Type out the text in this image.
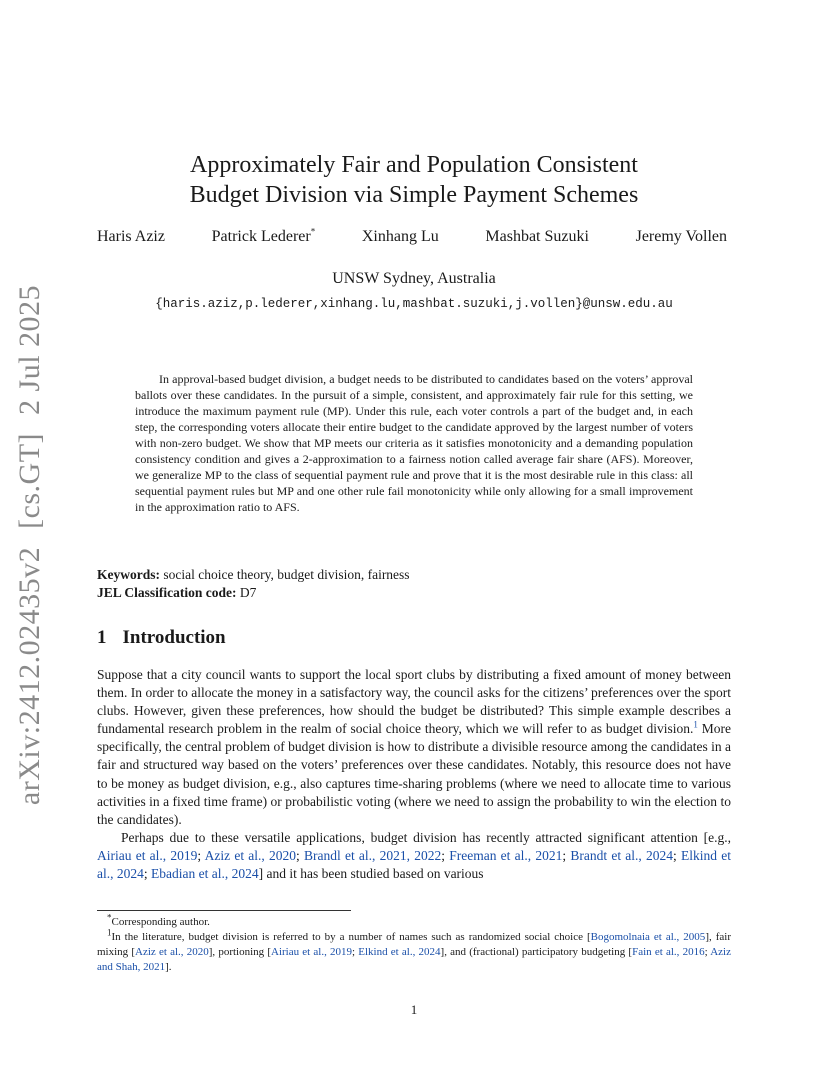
arXiv:2412.02435v2 [cs.GT] 2 Jul 2025
Approximately Fair and Population Consistent
Budget Division via Simple Payment Schemes
Haris Aziz	Patrick Lederer*	Xinhang Lu	Mashbat Suzuki	Jeremy Vollen
UNSW Sydney, Australia
{haris.aziz,p.lederer,xinhang.lu,mashbat.suzuki,j.vollen}@unsw.edu.au

In approval-based budget division, a budget needs to be distributed to candidates based on the voters’ approval ballots over these candidates. In the pursuit of a simple, consistent, and approximately fair rule for this setting, we introduce the maximum payment rule (MP). Under this rule, each voter controls a part of the budget and, in each step, the corresponding voters allocate their entire budget to the candidate approved by the largest number of voters with non-zero budget. We show that MP meets our criteria as it satisfies monotonicity and a demanding population consistency condition and gives a 2-approximation to a fairness notion called average fair share (AFS). Moreover, we generalize MP to the class of sequential payment rule and prove that it is the most desirable rule in this class: all sequential payment rules but MP and one other rule fail monotonicity while only allowing for a small improvement in the approximation ratio to AFS.

Keywords: social choice theory, budget division, fairness
JEL Classification code: D7
1 Introduction

Suppose that a city council wants to support the local sport clubs by distributing a fixed amount of money between them. In order to allocate the money in a satisfactory way, the council asks for the citizens’ preferences over the sport clubs. However, given these preferences, how should the budget be distributed? This simple example describes a fundamental research problem in the realm of social choice theory, which we will refer to as budget division.$^1$ More specifically, the central problem of budget division is how to distribute a divisible resource among the candidates in a fair and structured way based on the voters’ preferences over these candidates. Notably, this resource does not have to be money as budget division, e.g., also captures time-sharing problems (where we need to allocate time to various activities in a fixed time frame) or probabilistic voting (where we need to assign the probability to win the election to the candidates).

Perhaps due to these versatile applications, budget division has recently attracted significant attention [e.g., Airiau et al., 2019; Aziz et al., 2020; Brandl et al., 2021, 2022; Freeman et al., 2021; Brandt et al., 2024; Elkind et al., 2024; Ebadian et al., 2024] and it has been studied based on various

*Corresponding author.

$^1$In the literature, budget division is referred to by a number of names such as randomized social choice [Bogomolnaia et al., 2005], fair mixing [Aziz et al., 2020], portioning [Airiau et al., 2019; Elkind et al., 2024], and (fractional) participatory budgeting [Fain et al., 2016; Aziz and Shah, 2021].

1
